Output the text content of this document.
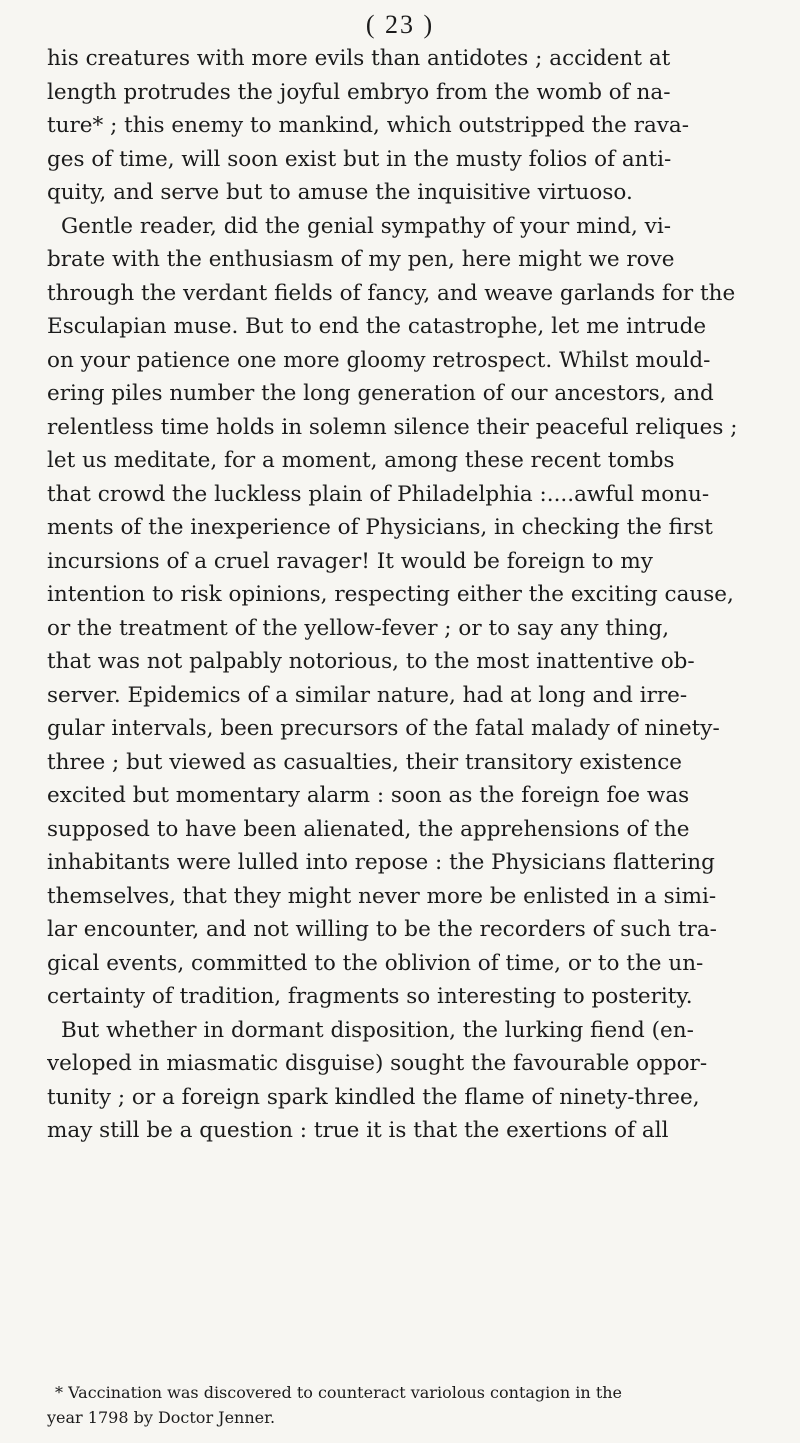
( 23 )
his creatures with more evils than antidotes ; accident at
length protrudes the joyful embryo from the womb of na-
ture* ; this enemy to mankind, which outstripped the rava-
ges of time, will soon exist but in the musty folios of anti-
quity, and serve but to amuse the inquisitive virtuoso.
Gentle reader, did the genial sympathy of your mind, vi-
brate with the enthusiasm of my pen, here might we rove
through the verdant fields of fancy, and weave garlands for the
Esculapian muse. But to end the catastrophe, let me intrude
on your patience one more gloomy retrospect. Whilst mould-
ering piles number the long generation of our ancestors, and
relentless time holds in solemn silence their peaceful reliques ;
let us meditate, for a moment, among these recent tombs
that crowd the luckless plain of Philadelphia :....awful monu-
ments of the inexperience of Physicians, in checking the first
incursions of a cruel ravager! It would be foreign to my
intention to risk opinions, respecting either the exciting cause,
or the treatment of the yellow-fever ; or to say any thing,
that was not palpably notorious, to the most inattentive ob-
server. Epidemics of a similar nature, had at long and irre-
gular intervals, been precursors of the fatal malady of ninety-
three ; but viewed as casualties, their transitory existence
excited but momentary alarm : soon as the foreign foe was
supposed to have been alienated, the apprehensions of the
inhabitants were lulled into repose : the Physicians flattering
themselves, that they might never more be enlisted in a simi-
lar encounter, and not willing to be the recorders of such tra-
gical events, committed to the oblivion of time, or to the un-
certainty of tradition, fragments so interesting to posterity.
But whether in dormant disposition, the lurking fiend (en-
veloped in miasmatic disguise) sought the favourable oppor-
tunity ; or a foreign spark kindled the flame of ninety-three,
may still be a question : true it is that the exertions of all
* Vaccination was discovered to counteract variolous contagion in the
year 1798 by Doctor Jenner.
